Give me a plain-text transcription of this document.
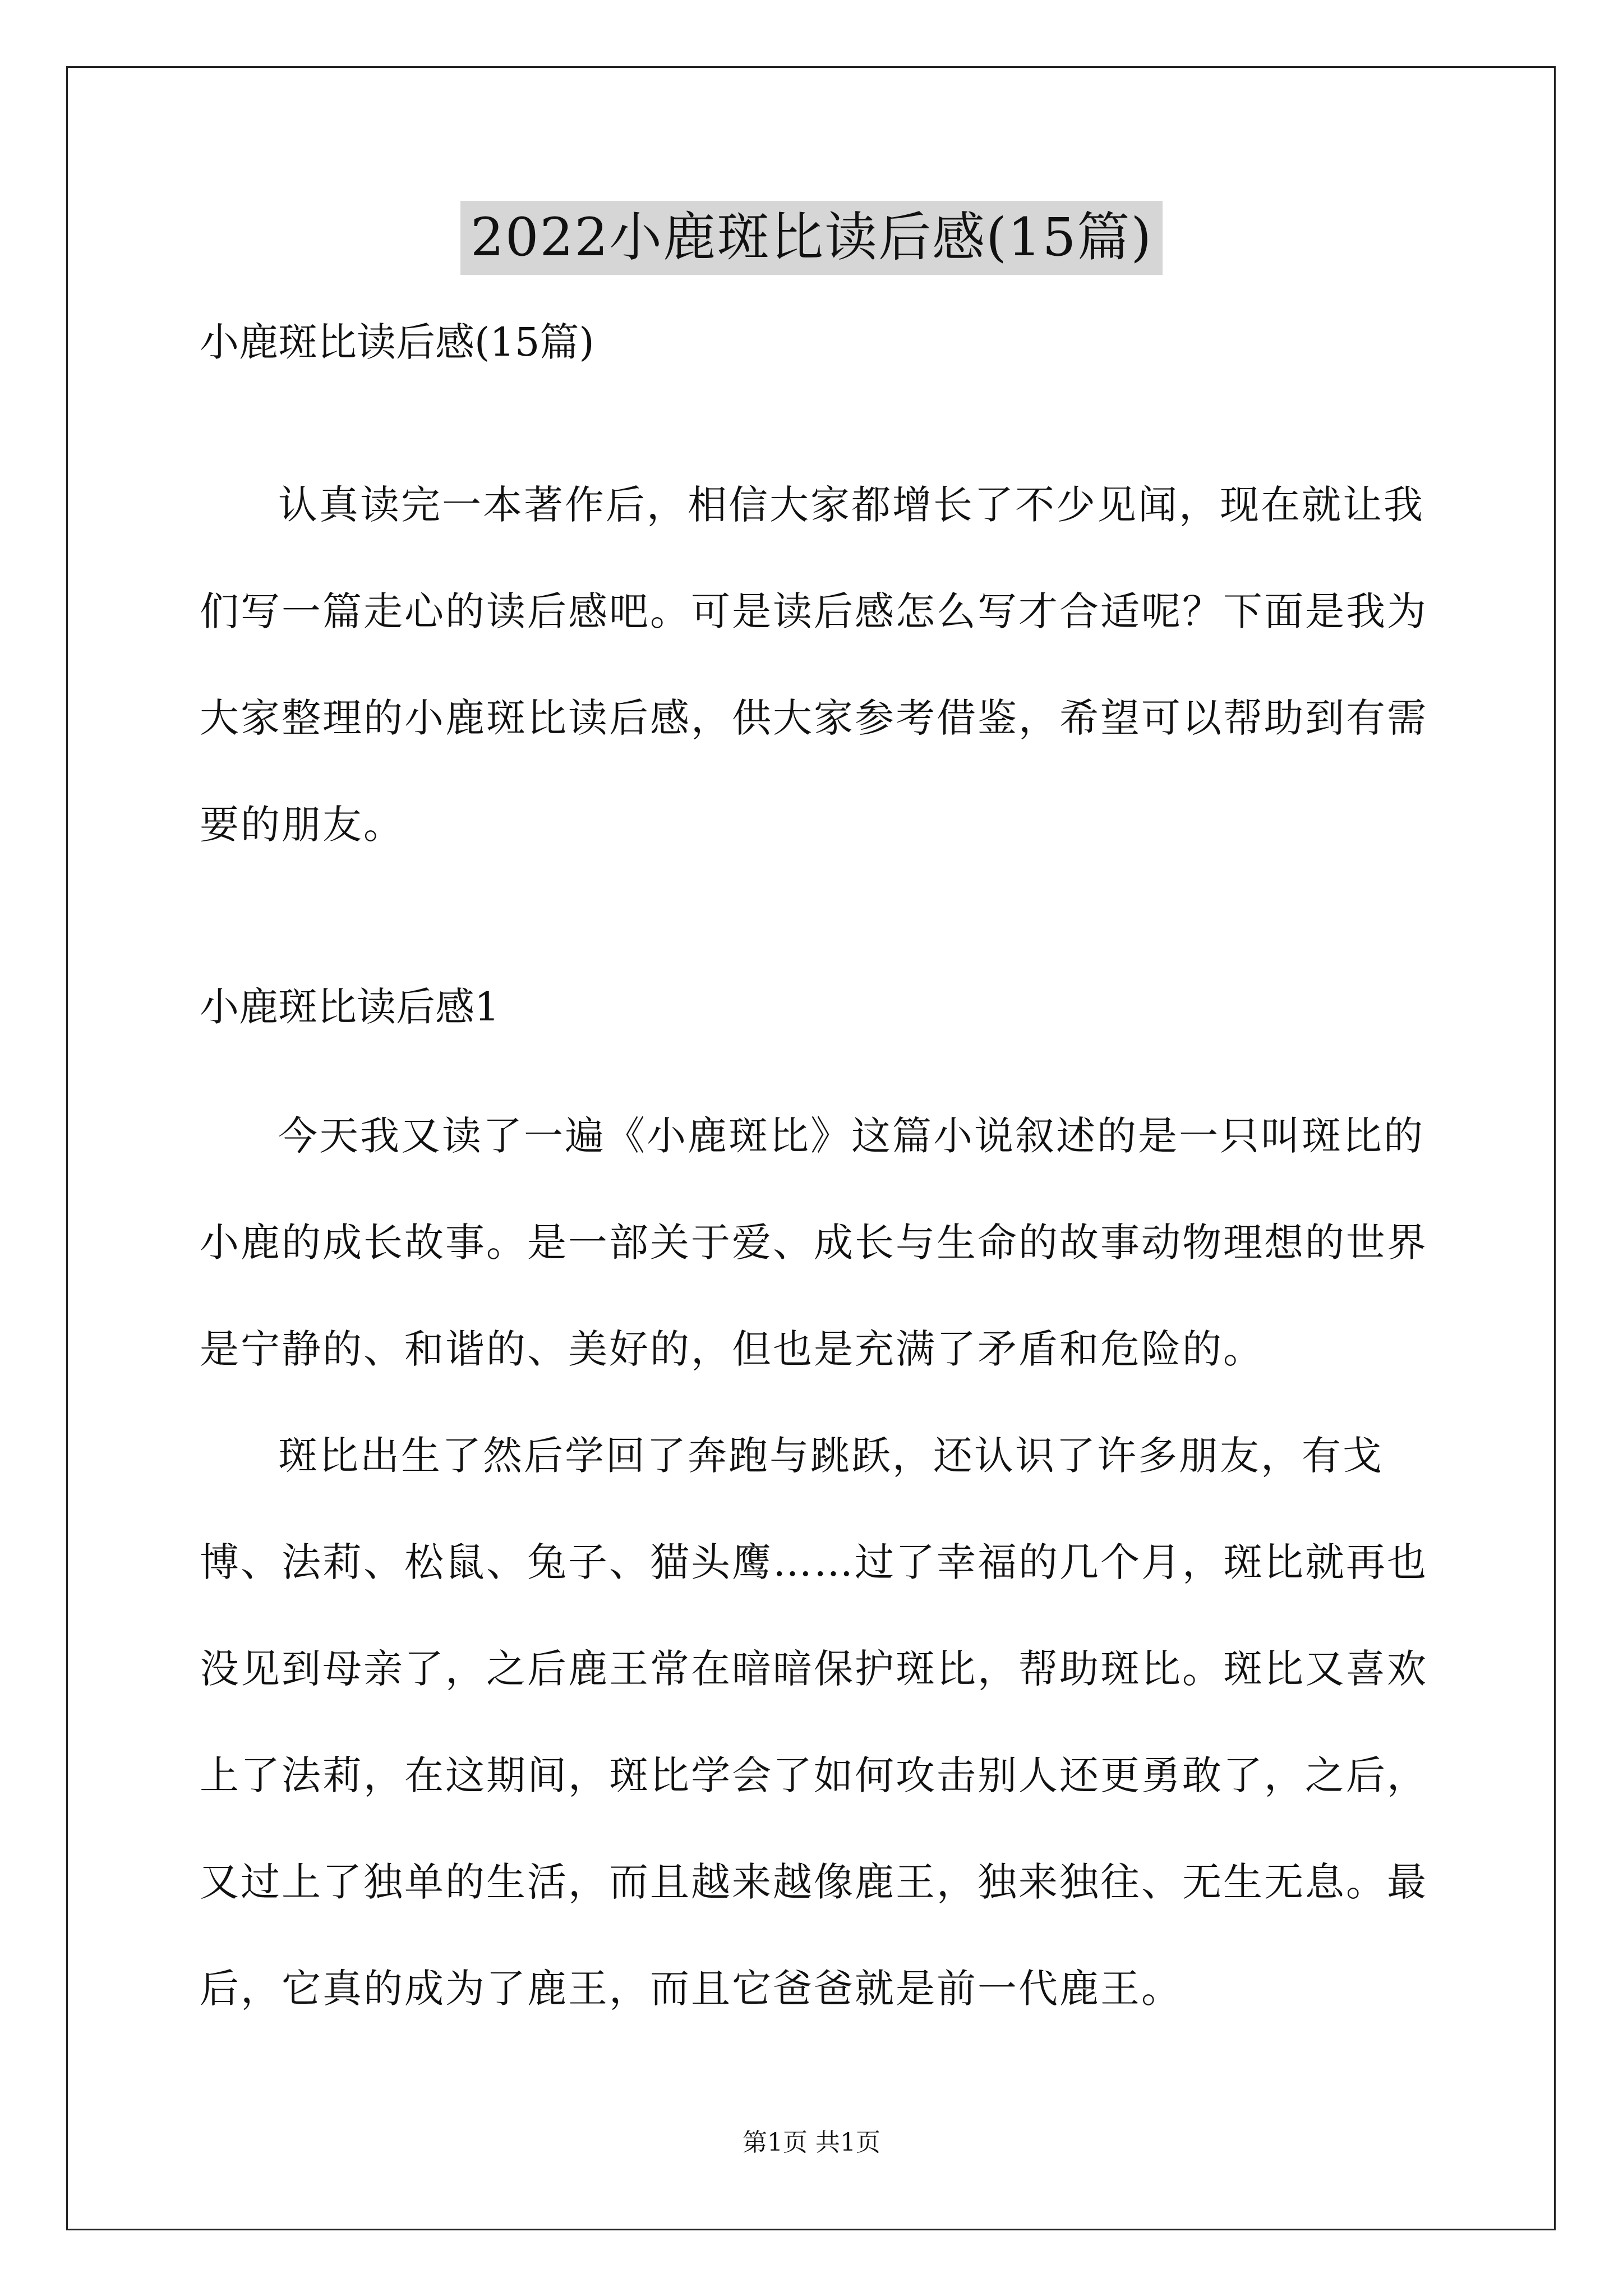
2022小鹿斑比读后感(15篇)
小鹿斑比读后感(15篇)

认真读完一本著作后，相信大家都增长了不少见闻，现在就让我们写一篇走心的读后感吧。可是读后感怎么写才合适呢？下面是我为大家整理的小鹿斑比读后感，供大家参考借鉴，希望可以帮助到有需要的朋友。

小鹿斑比读后感1

今天我又读了一遍《小鹿斑比》这篇小说叙述的是一只叫斑比的小鹿的成长故事。是一部关于爱、成长与生命的故事动物理想的世界是宁静的、和谐的、美好的，但也是充满了矛盾和危险的。

斑比出生了然后学回了奔跑与跳跃，还认识了许多朋友，有戈博、法莉、松鼠、兔子、猫头鹰……过了幸福的几个月，斑比就再也没见到母亲了，之后鹿王常在暗暗保护斑比，帮助斑比。斑比又喜欢上了法莉，在这期间，斑比学会了如何攻击别人还更勇敢了，之后，又过上了独单的生活，而且越来越像鹿王，独来独往、无生无息。最后，它真的成为了鹿王，而且它爸爸就是前一代鹿王。

第1页 共1页
